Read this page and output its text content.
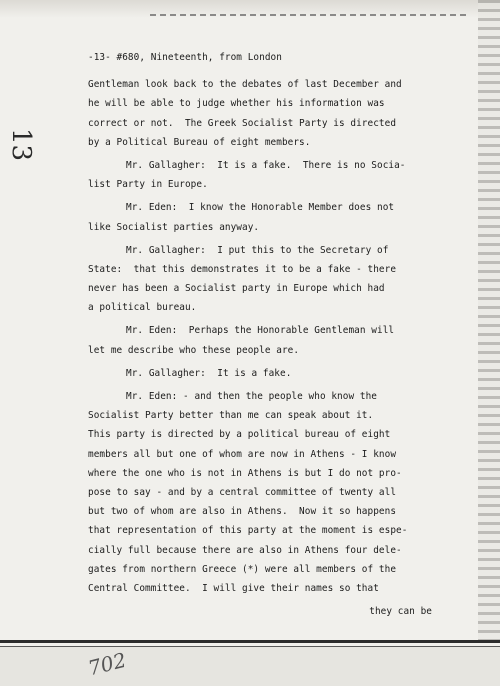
13
-13- #680, Nineteenth, from London
Gentleman look back to the debates of last December and
he will be able to judge whether his information was
correct or not.  The Greek Socialist Party is directed
by a Political Bureau of eight members.
Mr. Gallagher:  It is a fake.  There is no Socia-
list Party in Europe.
Mr. Eden:  I know the Honorable Member does not
like Socialist parties anyway.
Mr. Gallagher:  I put this to the Secretary of
State:  that this demonstrates it to be a fake - there
never has been a Socialist party in Europe which had
a political bureau.
Mr. Eden:  Perhaps the Honorable Gentleman will
let me describe who these people are.
Mr. Gallagher:  It is a fake.
Mr. Eden: - and then the people who know the
Socialist Party better than me can speak about it.
This party is directed by a political bureau of eight
members all but one of whom are now in Athens - I know
where the one who is not in Athens is but I do not pro-
pose to say - and by a central committee of twenty all
but two of whom are also in Athens.  Now it so happens
that representation of this party at the moment is espe-
cially full because there are also in Athens four dele-
gates from northern Greece (*) were all members of the
Central Committee.  I will give their names so that
they can be
702
